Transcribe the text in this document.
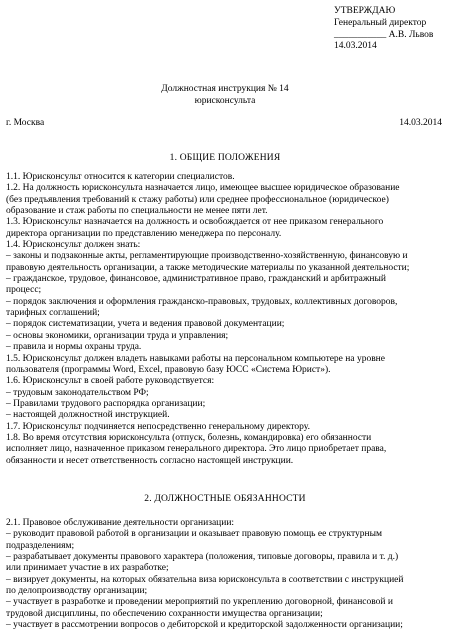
УТВЕРЖДАЮ
Генеральный директор
___________ А.В. Львов
14.03.2014
Должностная инструкция № 14
юрисконсульта
г. Москва	14.03.2014
1. ОБЩИЕ ПОЛОЖЕНИЯ
1.1. Юрисконсульт относится к категории специалистов.
1.2. На должность юрисконсульта назначается лицо, имеющее высшее юридическое образование
(без предъявления требований к стажу работы) или среднее профессиональное (юридическое)
образование и стаж работы по специальности не менее пяти лет.
1.3. Юрисконсульт назначается на должность и освобождается от нее приказом генерального
директора организации по представлению менеджера по персоналу.
1.4. Юрисконсульт должен знать:
– законы и подзаконные акты, регламентирующие производственно-хозяйственную, финансовую и
правовую деятельность организации, а также методические материалы по указанной деятельности;
– гражданское, трудовое, финансовое, административное право, гражданский и арбитражный
процесс;
– порядок заключения и оформления гражданско-правовых, трудовых, коллективных договоров,
тарифных соглашений;
– порядок систематизации, учета и ведения правовой документации;
– основы экономики, организации труда и управления;
– правила и нормы охраны труда.
1.5. Юрисконсульт должен владеть навыками работы на персональном компьютере на уровне
пользователя (программы Word, Excel, правовую базу ЮСС «Система Юрист»).
1.6. Юрисконсульт в своей работе руководствуется:
– трудовым законодательством РФ;
– Правилами трудового распорядка организации;
– настоящей должностной инструкцией.
1.7. Юрисконсульт подчиняется непосредственно генеральному директору.
1.8. Во время отсутствия юрисконсульта (отпуск, болезнь, командировка) его обязанности
исполняет лицо, назначенное приказом генерального директора. Это лицо приобретает права,
обязанности и несет ответственность согласно настоящей инструкции.
2. ДОЛЖНОСТНЫЕ ОБЯЗАННОСТИ
2.1. Правовое обслуживание деятельности организации:
– руководит правовой работой в организации и оказывает правовую помощь ее структурным
подразделениям;
– разрабатывает документы правового характера (положения, типовые договоры, правила и т. д.)
или принимает участие в их разработке;
– визирует документы, на которых обязательна виза юрисконсульта в соответствии с инструкцией
по делопроизводству организации;
– участвует в разработке и проведении мероприятий по укреплению договорной, финансовой и
трудовой дисциплины, по обеспечению сохранности имущества организации;
– участвует в рассмотрении вопросов о дебиторской и кредиторской задолженности организации;
